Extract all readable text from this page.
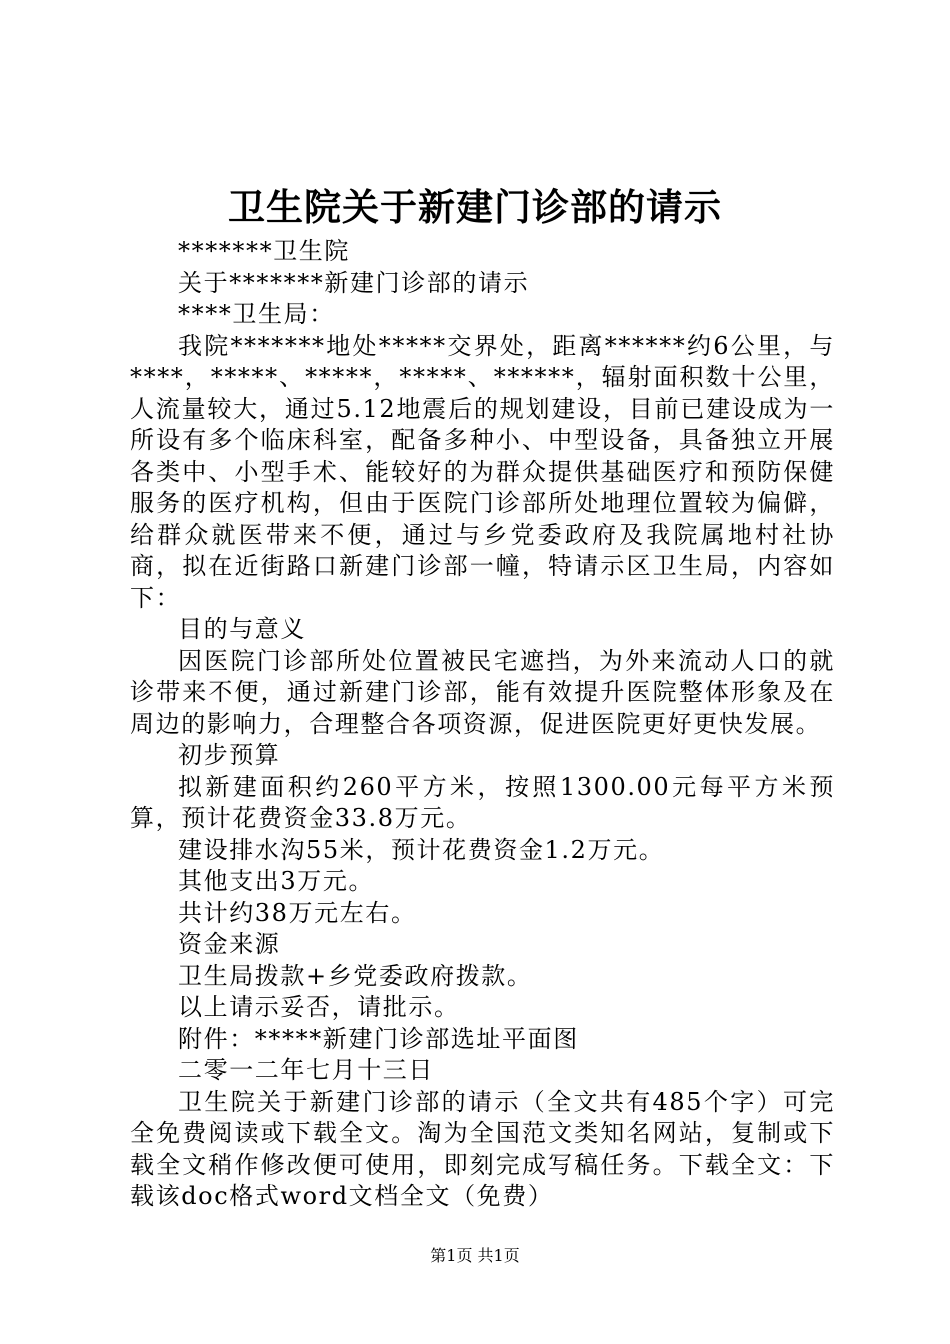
卫生院关于新建门诊部的请示

*******卫生院

关于*******新建门诊部的请示

****卫生局：

我院*******地处*****交界处，距离******约6公里，与****，*****、*****，*****、******，辐射面积数十公里，人流量较大，通过5.12地震后的规划建设，目前已建设成为一所设有多个临床科室，配备多种小、中型设备，具备独立开展各类中、小型手术、能较好的为群众提供基础医疗和预防保健服务的医疗机构，但由于医院门诊部所处地理位置较为偏僻，给群众就医带来不便，通过与乡党委政府及我院属地村社协商，拟在近街路口新建门诊部一幢，特请示区卫生局，内容如下：

目的与意义

因医院门诊部所处位置被民宅遮挡，为外来流动人口的就诊带来不便，通过新建门诊部，能有效提升医院整体形象及在周边的影响力，合理整合各项资源，促进医院更好更快发展。

初步预算

拟新建面积约260平方米，按照1300.00元每平方米预算，预计花费资金33.8万元。

建设排水沟55米，预计花费资金1.2万元。

其他支出3万元。

共计约38万元左右。

资金来源

卫生局拨款+乡党委政府拨款。

以上请示妥否，请批示。

附件：*****新建门诊部选址平面图

二零一二年七月十三日

卫生院关于新建门诊部的请示（全文共有485个字）可完全免费阅读或下载全文。淘为全国范文类知名网站，复制或下载全文稍作修改便可使用，即刻完成写稿任务。下载全文：下载该doc格式word文档全文（免费）

第1页 共1页
